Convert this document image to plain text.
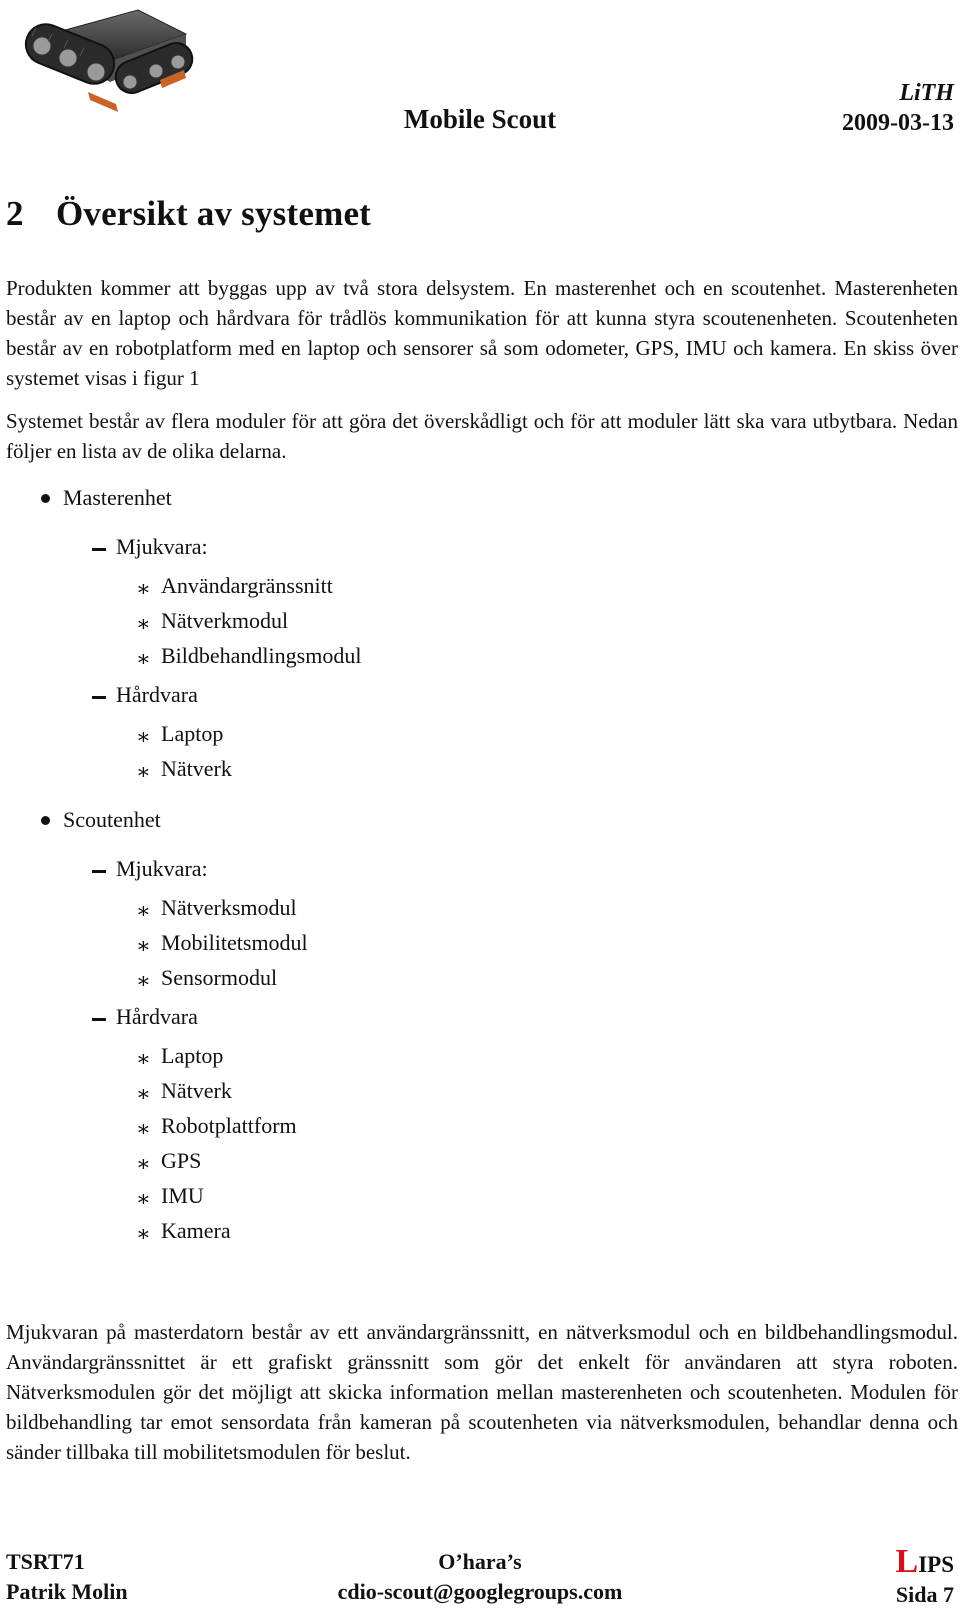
Mobile Scout
LiTH
2009-03-13
2 Översikt av systemet
Produkten kommer att byggas upp av två stora delsystem. En masterenhet och en scoutenhet. Masterenheten består av en laptop och hårdvara för trådlös kommunikation för att kunna styra scoutenenheten. Scoutenheten består av en robotplatform med en laptop och sensorer så som odometer, GPS, IMU och kamera. En skiss över systemet visas i figur 1
Systemet består av flera moduler för att göra det överskådligt och för att moduler lätt ska vara utbytbara. Nedan följer en lista av de olika delarna.
Masterenhet
Mjukvara:
∗ Användargränssnitt
∗ Nätverkmodul
∗ Bildbehandlingsmodul
Hårdvara
∗ Laptop
∗ Nätverk
Scoutenhet
Mjukvara:
∗ Nätverksmodul
∗ Mobilitetsmodul
∗ Sensormodul
Hårdvara
∗ Laptop
∗ Nätverk
∗ Robotplattform
∗ GPS
∗ IMU
∗ Kamera
Mjukvaran på masterdatorn består av ett användargränssnitt, en nätverksmodul och en bildbehandlingsmodul. Användargränssnittet är ett grafiskt gränssnitt som gör det enkelt för användaren att styra roboten. Nätverksmodulen gör det möjligt att skicka information mellan masterenheten och scoutenheten. Modulen för bildbehandling tar emot sensordata från kameran på scoutenheten via nätverksmodulen, behandlar denna och sänder tillbaka till mobilitetsmodulen för beslut.
TSRT71
Patrik Molin
O’hara’s
cdio-scout@googlegroups.com
LIPS
Sida 7
